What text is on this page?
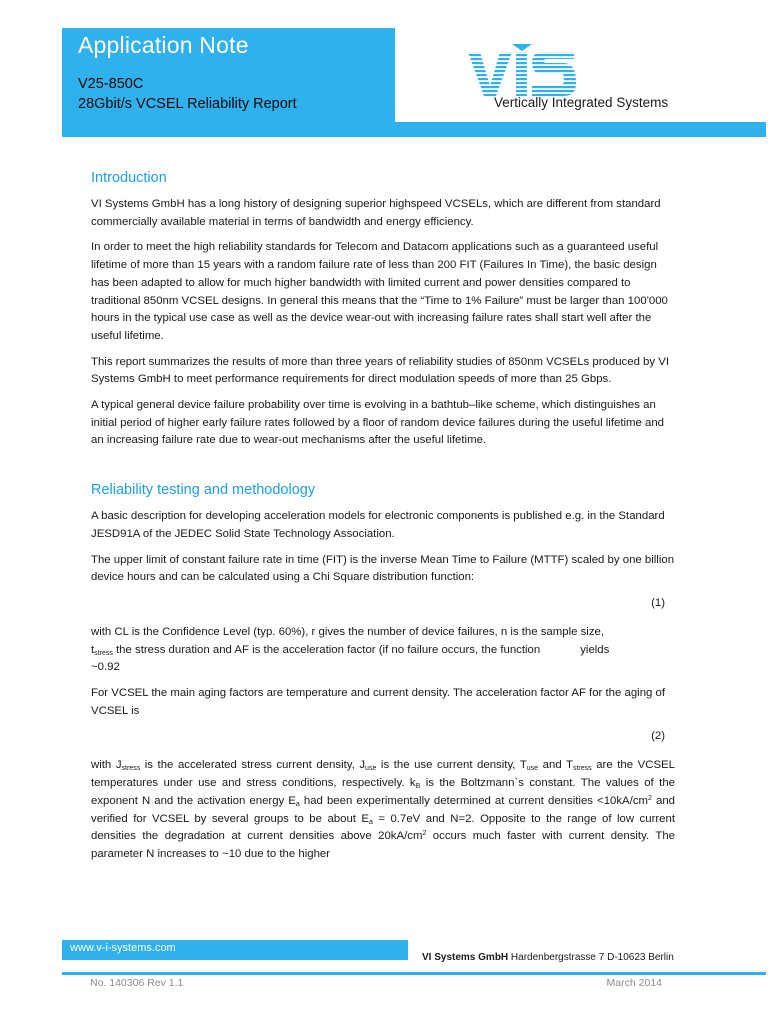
Application Note
V25-850C
28Gbit/s VCSEL Reliability Report	Vertically Integrated Systems
Introduction

VI Systems GmbH has a long history of designing superior highspeed VCSELs, which are different from standard commercially available material in terms of bandwidth and energy efficiency.

In order to meet the high reliability standards for Telecom and Datacom applications such as a guaranteed useful lifetime of more than 15 years with a random failure rate of less than 200 FIT (Failures In Time), the basic design has been adapted to allow for much higher bandwidth with limited current and power densities compared to traditional 850nm VCSEL designs. In general this means that the “Time to 1% Failure” must be larger than 100'000 hours in the typical use case as well as the device wear-out with increasing failure rates shall start well after the useful lifetime.

This report summarizes the results of more than three years of reliability studies of 850nm VCSELs produced by VI Systems GmbH to meet performance requirements for direct modulation speeds of more than 25 Gbps.

A typical general device failure probability over time is evolving in a bathtub–like scheme, which distinguishes an initial period of higher early failure rates followed by a floor of random device failures during the useful lifetime and an increasing failure rate due to wear-out mechanisms after the useful lifetime.

Reliability testing and methodology

A basic description for developing acceleration models for electronic components is published e.g. in the Standard JESD91A of the JEDEC Solid State Technology Association.

The upper limit of constant failure rate in time (FIT) is the inverse Mean Time to Failure (MTTF) scaled by one billion device hours and can be calculated using a Chi Square distribution function:

(1)

with CL is the Confidence Level (typ. 60%), r gives the number of device failures, n is the sample size,
$t_{stress}$ the stress duration and AF is the acceleration factor (if no failure occurs, the function	yields
~0.92

For VCSEL the main aging factors are temperature and current density. The acceleration factor AF for the aging of VCSEL is

(2)

with $J_{stress}$ is the accelerated stress current density, $J_{use}$ is the use current density, $T_{use}$ and $T_{stress}$ are the VCSEL temperatures under use and stress conditions, respectively. $k_B$ is the Boltzmann`s constant. The values of the exponent N and the activation energy $E_a$ had been experimentally determined at current densities $<10kA/cm^2$ and verified for VCSEL by several groups to be about $E_a = 0.7eV$ and N=2. Opposite to the range of low current densities the degradation at current densities above $20kA/cm^2$ occurs much faster with current density. The parameter N increases to ~10 due to the higher

www.v-i-systems.com
VI Systems GmbH Hardenbergstrasse 7 D-10623 Berlin
No. 140306 Rev 1.1	March 2014
